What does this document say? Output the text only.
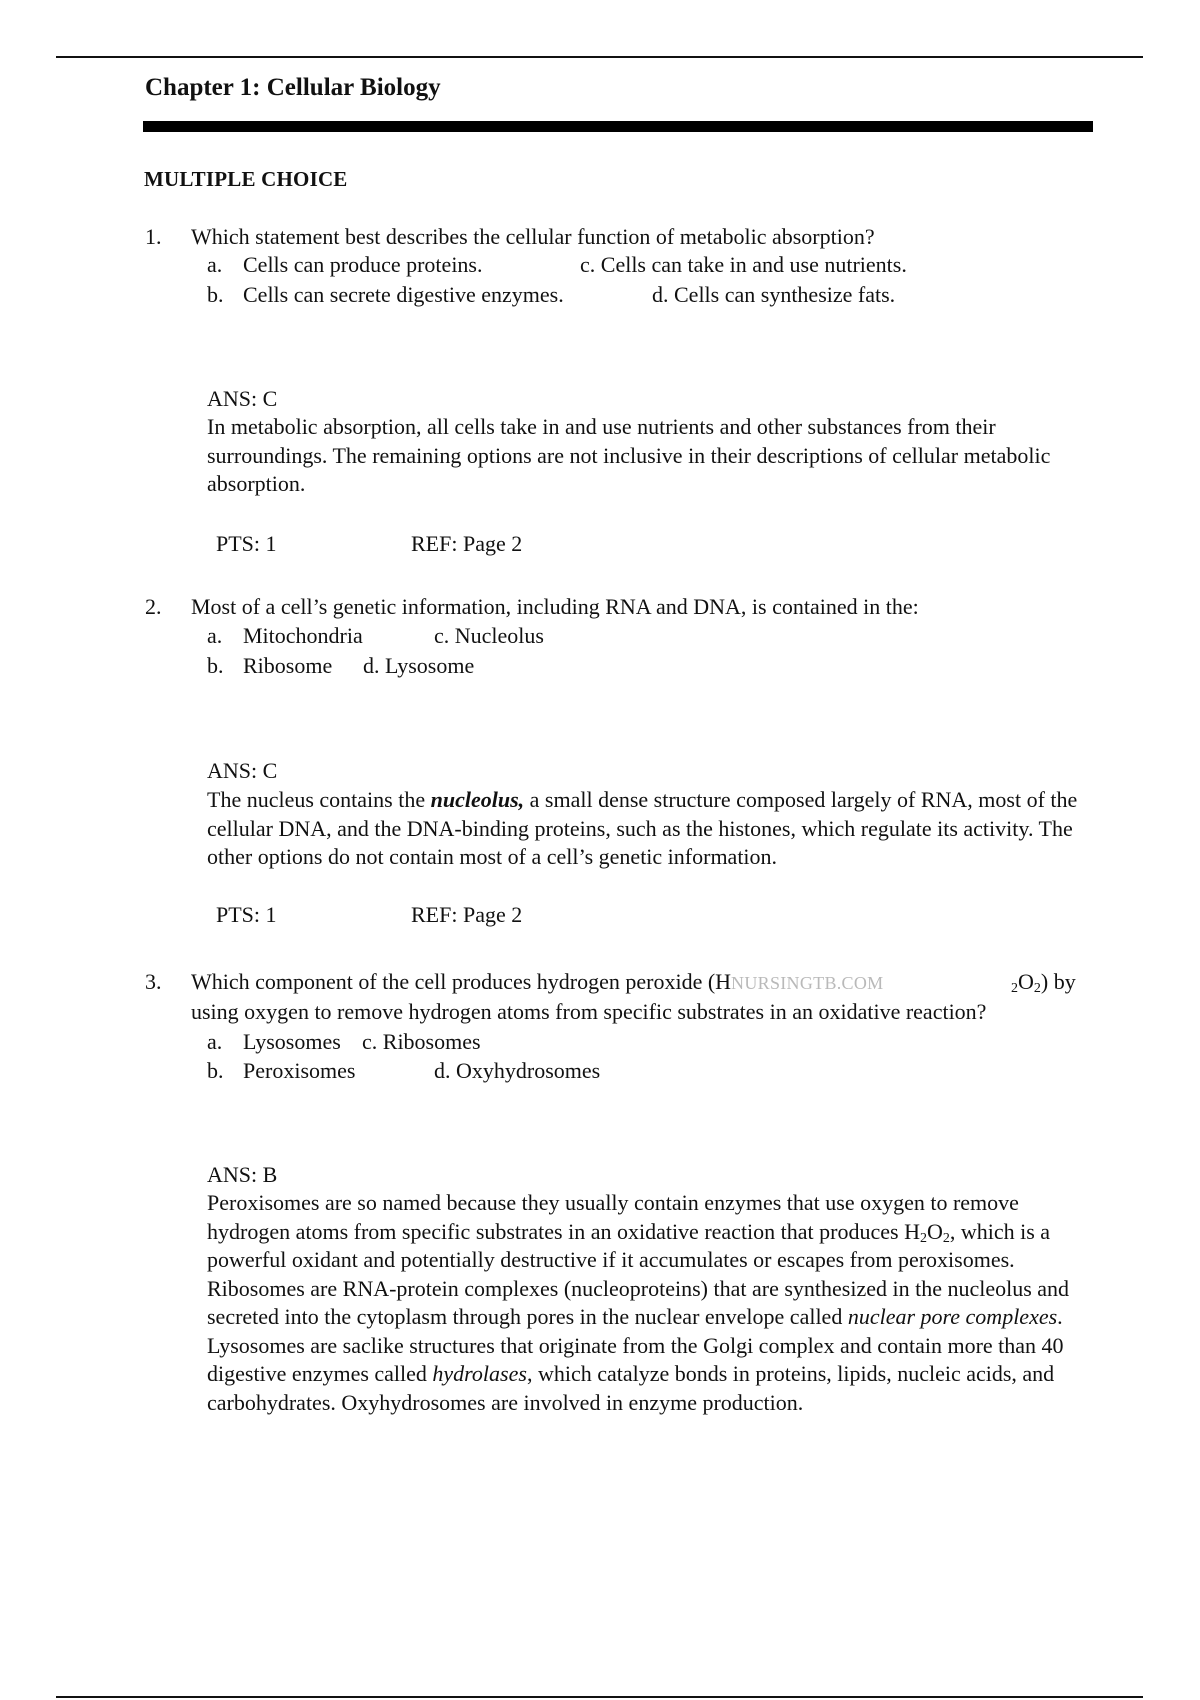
Chapter 1: Cellular Biology
MULTIPLE CHOICE
1. Which statement best describes the cellular function of metabolic absorption?
a. Cells can produce proteins.	c. Cells can take in and use nutrients.
b. Cells can secrete digestive enzymes.	d. Cells can synthesize fats.
ANS: C
In metabolic absorption, all cells take in and use nutrients and other substances from their surroundings. The remaining options are not inclusive in their descriptions of cellular metabolic absorption.
PTS: 1	REF: Page 2
2. Most of a cell’s genetic information, including RNA and DNA, is contained in the:
a. Mitochondria	c. Nucleolus
b. Ribosome d. Lysosome
ANS: C
The nucleus contains the nucleolus, a small dense structure composed largely of RNA, most of the cellular DNA, and the DNA-binding proteins, such as the histones, which regulate its activity. The other options do not contain most of a cell’s genetic information.
PTS: 1	REF: Page 2
3. Which component of the cell produces hydrogen peroxide (HNURSINGTB.COM	$_2O_2$) by
using oxygen to remove hydrogen atoms from specific substrates in an oxidative reaction?
a. Lysosomes c. Ribosomes
b. Peroxisomes	d. Oxyhydrosomes
ANS: B
Peroxisomes are so named because they usually contain enzymes that use oxygen to remove hydrogen atoms from specific substrates in an oxidative reaction that produces $H_2O_2$, which is a powerful oxidant and potentially destructive if it accumulates or escapes from peroxisomes. Ribosomes are RNA-protein complexes (nucleoproteins) that are synthesized in the nucleolus and secreted into the cytoplasm through pores in the nuclear envelope called nuclear pore complexes. Lysosomes are saclike structures that originate from the Golgi complex and contain more than 40 digestive enzymes called hydrolases, which catalyze bonds in proteins, lipids, nucleic acids, and carbohydrates. Oxyhydrosomes are involved in enzyme production.
